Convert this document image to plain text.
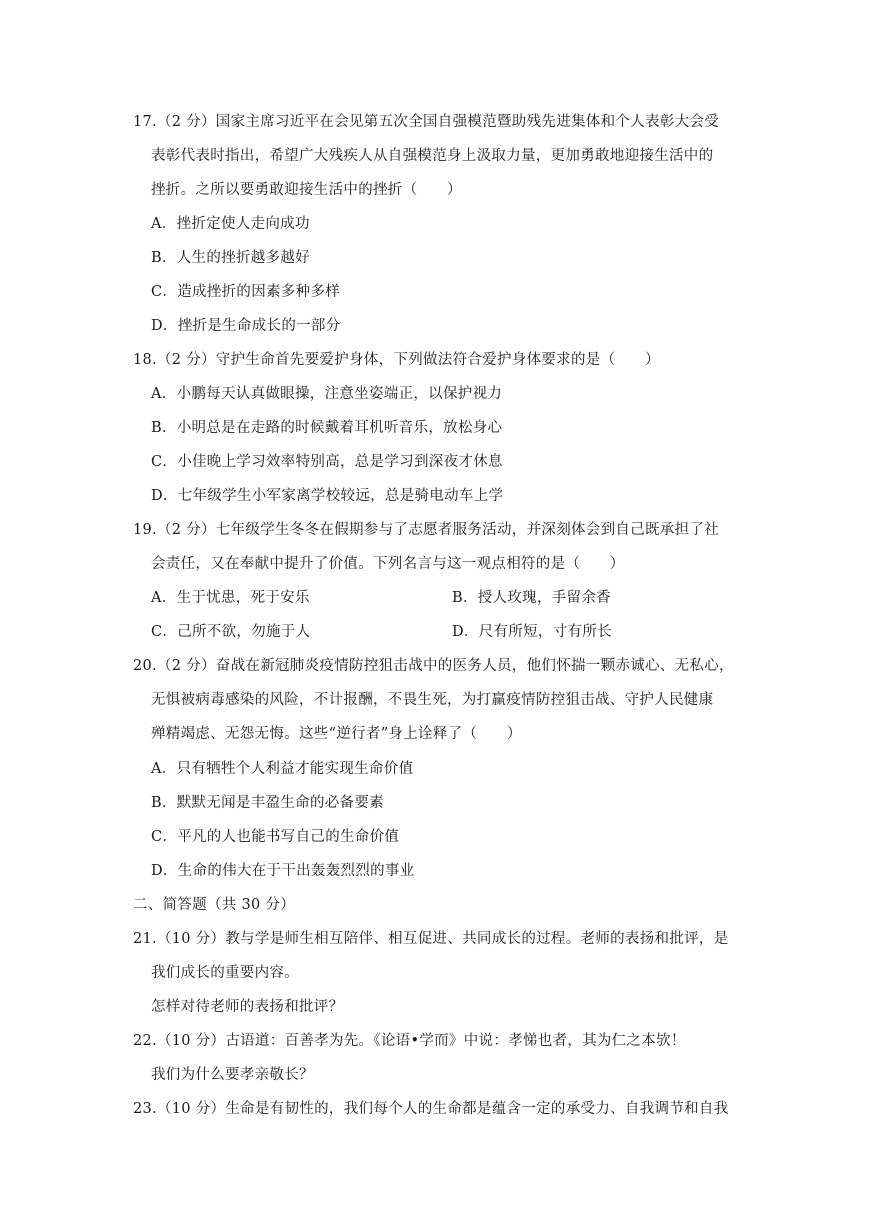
17.（2 分）国家主席习近平在会见第五次全国自强模范暨助残先进集体和个人表彰大会受
表彰代表时指出，希望广大残疾人从自强模范身上汲取力量，更加勇敢地迎接生活中的
挫折。之所以要勇敢迎接生活中的挫折（　　）
A．挫折定使人走向成功
B．人生的挫折越多越好
C．造成挫折的因素多种多样
D．挫折是生命成长的一部分
18.（2 分）守护生命首先要爱护身体，下列做法符合爱护身体要求的是（　　）
A．小鹏每天认真做眼操，注意坐姿端正，以保护视力
B．小明总是在走路的时候戴着耳机听音乐，放松身心
C．小佳晚上学习效率特别高，总是学习到深夜才休息
D．七年级学生小军家离学校较远，总是骑电动车上学
19.（2 分）七年级学生冬冬在假期参与了志愿者服务活动，并深刻体会到自己既承担了社
会责任，又在奉献中提升了价值。下列名言与这一观点相符的是（　　）
A．生于忧患，死于安乐	B．授人玫瑰，手留余香
C．己所不欲，勿施于人	D．尺有所短，寸有所长
20.（2 分）奋战在新冠肺炎疫情防控狙击战中的医务人员，他们怀揣一颗赤诚心、无私心，
无惧被病毒感染的风险，不计报酬，不畏生死，为打赢疫情防控狙击战、守护人民健康
殚精竭虑、无怨无悔。这些“逆行者”身上诠释了（　　）
A．只有牺牲个人利益才能实现生命价值
B．默默无闻是丰盈生命的必备要素
C．平凡的人也能书写自己的生命价值
D．生命的伟大在于干出轰轰烈烈的事业
二、简答题（共 30 分）
21.（10 分）教与学是师生相互陪伴、相互促进、共同成长的过程。老师的表扬和批评，是
我们成长的重要内容。
怎样对待老师的表扬和批评？
22.（10 分）古语道：百善孝为先。《论语•学而》中说：孝悌也者，其为仁之本欤！
我们为什么要孝亲敬长？
23.（10 分）生命是有韧性的，我们每个人的生命都是蕴含一定的承受力、自我调节和自我
